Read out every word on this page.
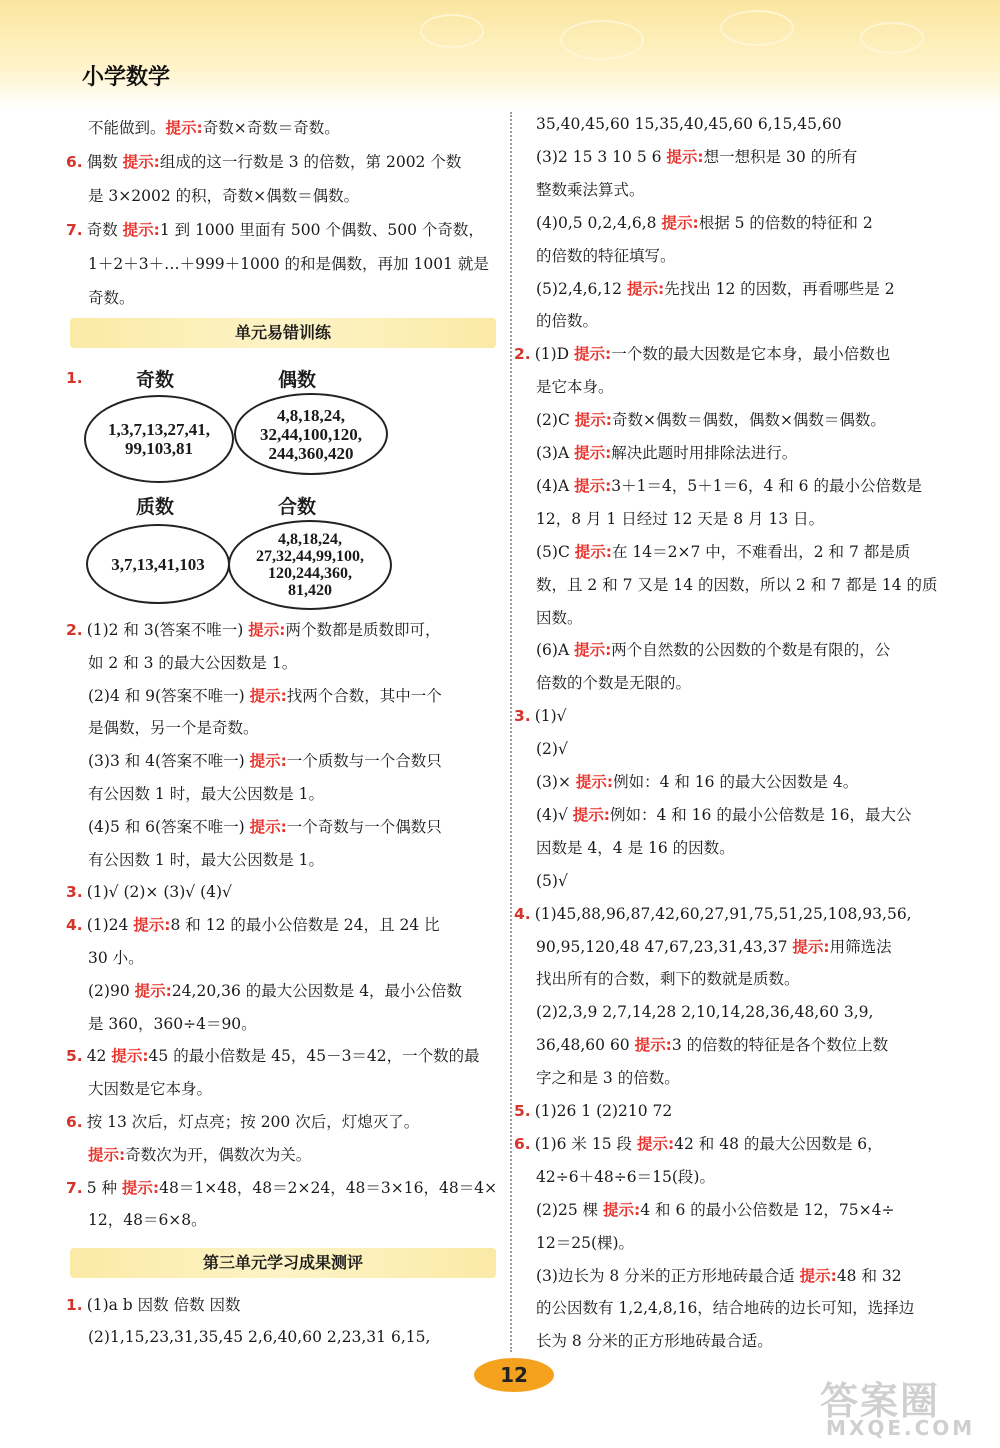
小学数学
不能做到。提示:奇数×奇数＝奇数。
6. 偶数 提示:组成的这一行数是 3 的倍数，第 2002 个数
是 3×2002 的积，奇数×偶数＝偶数。
7. 奇数 提示:1 到 1000 里面有 500 个偶数、500 个奇数，
1＋2＋3＋…＋999＋1000 的和是偶数，再加 1001 就是
奇数。
单元易错训练
1.	奇数
1,3,7,13,27,41,
99,103,81
偶数
4,8,18,24,
32,44,100,120,
244,360,420
质数
3,7,13,41,103
合数
4,8,18,24,
27,32,44,99,100,
120,244,360,
81,420
2. (1)2 和 3(答案不唯一) 提示:两个数都是质数即可，
如 2 和 3 的最大公因数是 1。
(2)4 和 9(答案不唯一) 提示:找两个合数，其中一个
是偶数，另一个是奇数。
(3)3 和 4(答案不唯一) 提示:一个质数与一个合数只
有公因数 1 时，最大公因数是 1。
(4)5 和 6(答案不唯一) 提示:一个奇数与一个偶数只
有公因数 1 时，最大公因数是 1。
3. (1)√ (2)× (3)√ (4)√
4. (1)24 提示:8 和 12 的最小公倍数是 24，且 24 比
30 小。
(2)90 提示:24,20,36 的最大公因数是 4，最小公倍数
是 360，360÷4＝90。
5. 42 提示:45 的最小倍数是 45，45－3＝42，一个数的最
大因数是它本身。
6. 按 13 次后，灯点亮；按 200 次后，灯熄灭了。
提示:奇数次为开，偶数次为关。
7. 5 种 提示:48＝1×48，48＝2×24，48＝3×16，48＝4×
12，48＝6×8。
第三单元学习成果测评
1. (1)a b 因数 倍数 因数
(2)1,15,23,31,35,45 2,6,40,60 2,23,31 6,15,
35,40,45,60 15,35,40,45,60 6,15,45,60
(3)2 15 3 10 5 6 提示:想一想积是 30 的所有
整数乘法算式。
(4)0,5 0,2,4,6,8 提示:根据 5 的倍数的特征和 2
的倍数的特征填写。
(5)2,4,6,12 提示:先找出 12 的因数，再看哪些是 2
的倍数。
2. (1)D 提示:一个数的最大因数是它本身，最小倍数也
是它本身。
(2)C 提示:奇数×偶数＝偶数，偶数×偶数＝偶数。
(3)A 提示:解决此题时用排除法进行。
(4)A 提示:3＋1＝4，5＋1＝6，4 和 6 的最小公倍数是
12，8 月 1 日经过 12 天是 8 月 13 日。
(5)C 提示:在 14＝2×7 中，不难看出，2 和 7 都是质
数，且 2 和 7 又是 14 的因数，所以 2 和 7 都是 14 的质
因数。
(6)A 提示:两个自然数的公因数的个数是有限的，公
倍数的个数是无限的。
3. (1)√
(2)√
(3)× 提示:例如：4 和 16 的最大公因数是 4。
(4)√ 提示:例如：4 和 16 的最小公倍数是 16，最大公
因数是 4，4 是 16 的因数。
(5)√
4. (1)45,88,96,87,42,60,27,91,75,51,25,108,93,56,
90,95,120,48 47,67,23,31,43,37 提示:用筛选法
找出所有的合数，剩下的数就是质数。
(2)2,3,9 2,7,14,28 2,10,14,28,36,48,60 3,9,
36,48,60 60 提示:3 的倍数的特征是各个数位上数
字之和是 3 的倍数。
5. (1)26 1 (2)210 72
6. (1)6 米 15 段 提示:42 和 48 的最大公因数是 6，
42÷6＋48÷6＝15(段)。
(2)25 棵 提示:4 和 6 的最小公倍数是 12，75×4÷
12＝25(棵)。
(3)边长为 8 分米的正方形地砖最合适 提示:48 和 32
的公因数有 1,2,4,8,16，结合地砖的边长可知，选择边
长为 8 分米的正方形地砖最合适。
12
答案圈
MXQE.COM
